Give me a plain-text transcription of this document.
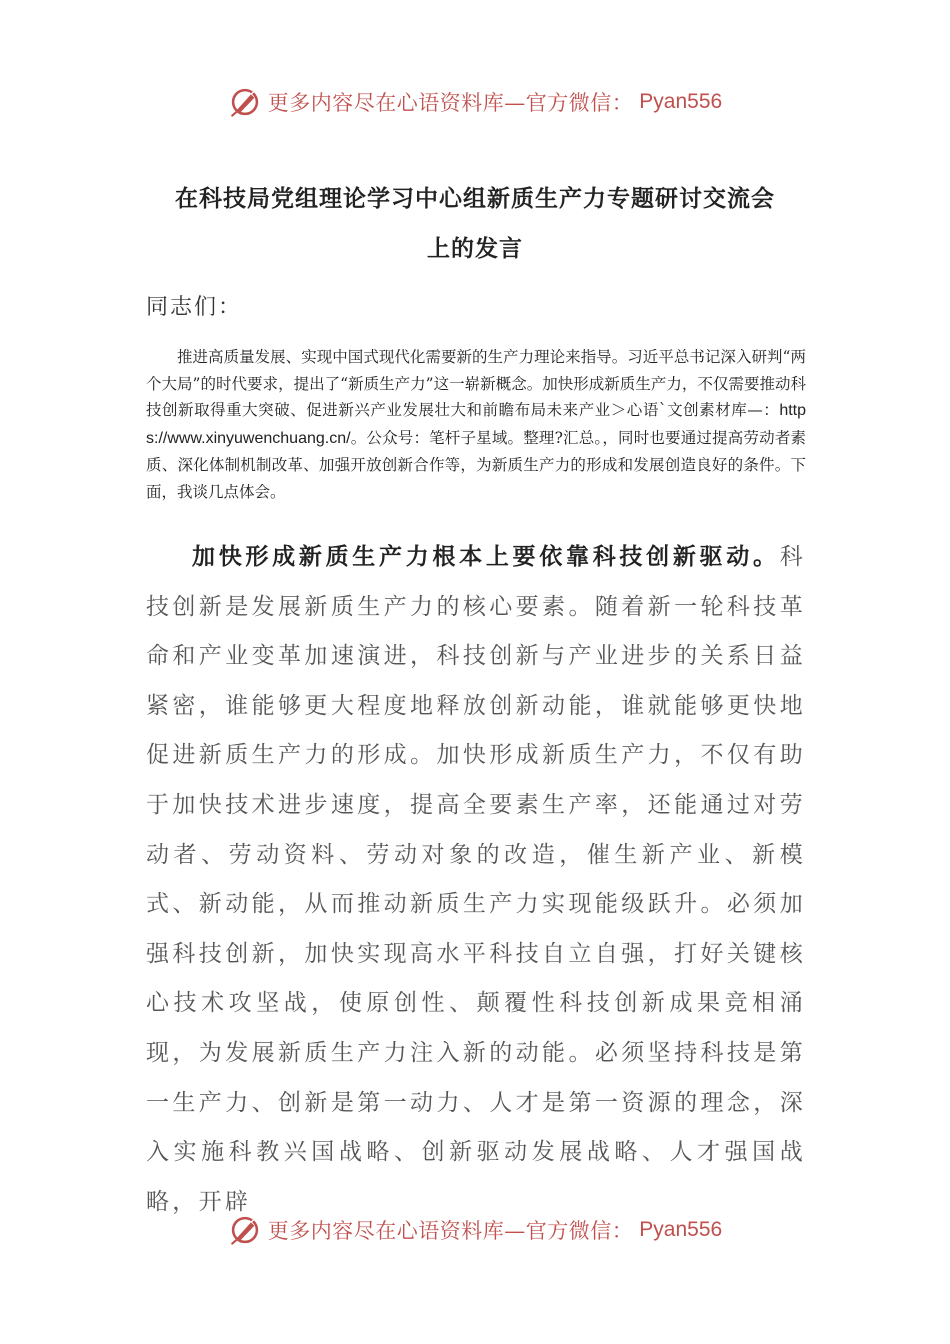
更多内容尽在心语资料库—官方微信： Pyan556
在科技局党组理论学习中心组新质生产力专题研讨交流会
上的发言
同志们：

推进高质量发展、实现中国式现代化需要新的生产力理论来指导。习近平总书记深入研判“两个大局”的时代要求，提出了“新质生产力”这一崭新概念。加快形成新质生产力，不仅需要推动科技创新取得重大突破、促进新兴产业发展壮大和前瞻布局未来产业＞心语`文创素材库—：https://www.xinyuwenchuang.cn/。公众号：笔杆子星域。整理?汇总。，同时也要通过提高劳动者素质、深化体制机制改革、加强开放创新合作等，为新质生产力的形成和发展创造良好的条件。下面，我谈几点体会。

加快形成新质生产力根本上要依靠科技创新驱动。科技创新是发展新质生产力的核心要素。随着新一轮科技革命和产业变革加速演进，科技创新与产业进步的关系日益紧密，谁能够更大程度地释放创新动能，谁就能够更快地促进新质生产力的形成。加快形成新质生产力，不仅有助于加快技术进步速度，提高全要素生产率，还能通过对劳动者、劳动资料、劳动对象的改造，催生新产业、新模式、新动能，从而推动新质生产力实现能级跃升。必须加强科技创新，加快实现高水平科技自立自强，打好关键核心技术攻坚战，使原创性、颠覆性科技创新成果竞相涌现，为发展新质生产力注入新的动能。必须坚持科技是第一生产力、创新是第一动力、人才是第一资源的理念，深入实施科教兴国战略、创新驱动发展战略、人才强国战略，开辟

更多内容尽在心语资料库—官方微信： Pyan556
